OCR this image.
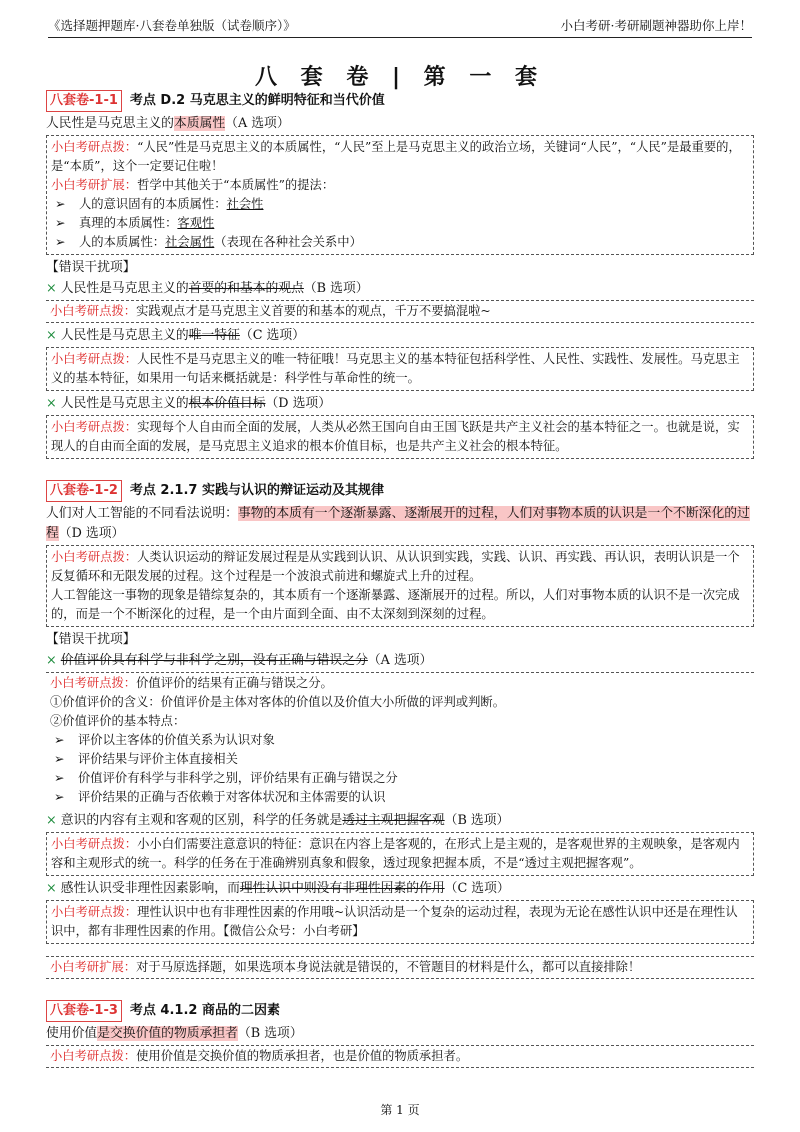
《选择题押题库·八套卷单独版（试卷顺序）》	小白考研·考研刷题神器助你上岸！
八 套 卷 | 第 一 套
八套卷-1-1 考点 D.2 马克思主义的鲜明特征和当代价值
人民性是马克思主义的本质属性（A 选项）
小白考研点拨：“人民”性是马克思主义的本质属性，“人民”至上是马克思主义的政治立场，关键词“人民”，“人民”是最重要的，是“本质”，这个一定要记住啦！
小白考研扩展：哲学中其他关于“本质属性”的提法：
➢ 人的意识固有的本质属性：社会性
➢ 真理的本质属性：客观性
➢ 人的本质属性：社会属性（表现在各种社会关系中）
【错误干扰项】
× 人民性是马克思主义的首要的和基本的观点（B 选项）
小白考研点拨：实践观点才是马克思主义首要的和基本的观点，千万不要搞混啦~
× 人民性是马克思主义的唯一特征（C 选项）
小白考研点拨：人民性不是马克思主义的唯一特征哦！马克思主义的基本特征包括科学性、人民性、实践性、发展性。马克思主义的基本特征，如果用一句话来概括就是：科学性与革命性的统一。
× 人民性是马克思主义的根本价值目标（D 选项）
小白考研点拨：实现每个人自由而全面的发展，人类从必然王国向自由王国飞跃是共产主义社会的基本特征之一。也就是说，实现人的自由而全面的发展，是马克思主义追求的根本价值目标，也是共产主义社会的根本特征。
八套卷-1-2 考点 2.1.7 实践与认识的辩证运动及其规律
人们对人工智能的不同看法说明：事物的本质有一个逐渐暴露、逐渐展开的过程，人们对事物本质的认识是一个不断深化的过程（D 选项）
小白考研点拨：人类认识运动的辩证发展过程是从实践到认识、从认识到实践，实践、认识、再实践、再认识，表明认识是一个反复循环和无限发展的过程。这个过程是一个波浪式前进和螺旋式上升的过程。
人工智能这一事物的现象是错综复杂的，其本质有一个逐渐暴露、逐渐展开的过程。所以，人们对事物本质的认识不是一次完成的，而是一个不断深化的过程，是一个由片面到全面、由不太深刻到深刻的过程。
【错误干扰项】
× 价值评价具有科学与非科学之别，没有正确与错误之分（A 选项）
小白考研点拨：价值评价的结果有正确与错误之分。
①价值评价的含义：价值评价是主体对客体的价值以及价值大小所做的评判或判断。
②价值评价的基本特点：
➢ 评价以主客体的价值关系为认识对象
➢ 评价结果与评价主体直接相关
➢ 价值评价有科学与非科学之别，评价结果有正确与错误之分
➢ 评价结果的正确与否依赖于对客体状况和主体需要的认识
× 意识的内容有主观和客观的区别，科学的任务就是透过主观把握客观（B 选项）
小白考研点拨：小小白们需要注意意识的特征：意识在内容上是客观的，在形式上是主观的，是客观世界的主观映象，是客观内容和主观形式的统一。科学的任务在于准确辨别真象和假象，透过现象把握本质，不是“透过主观把握客观”。
× 感性认识受非理性因素影响，而理性认识中则没有非理性因素的作用（C 选项）
小白考研点拨：理性认识中也有非理性因素的作用哦~认识活动是一个复杂的运动过程，表现为无论在感性认识中还是在理性认识中，都有非理性因素的作用。【微信公众号：小白考研】
小白考研扩展：对于马原选择题，如果选项本身说法就是错误的，不管题目的材料是什么，都可以直接排除！
八套卷-1-3 考点 4.1.2 商品的二因素
使用价值是交换价值的物质承担者（B 选项）
小白考研点拨：使用价值是交换价值的物质承担者，也是价值的物质承担者。
第 1 页
